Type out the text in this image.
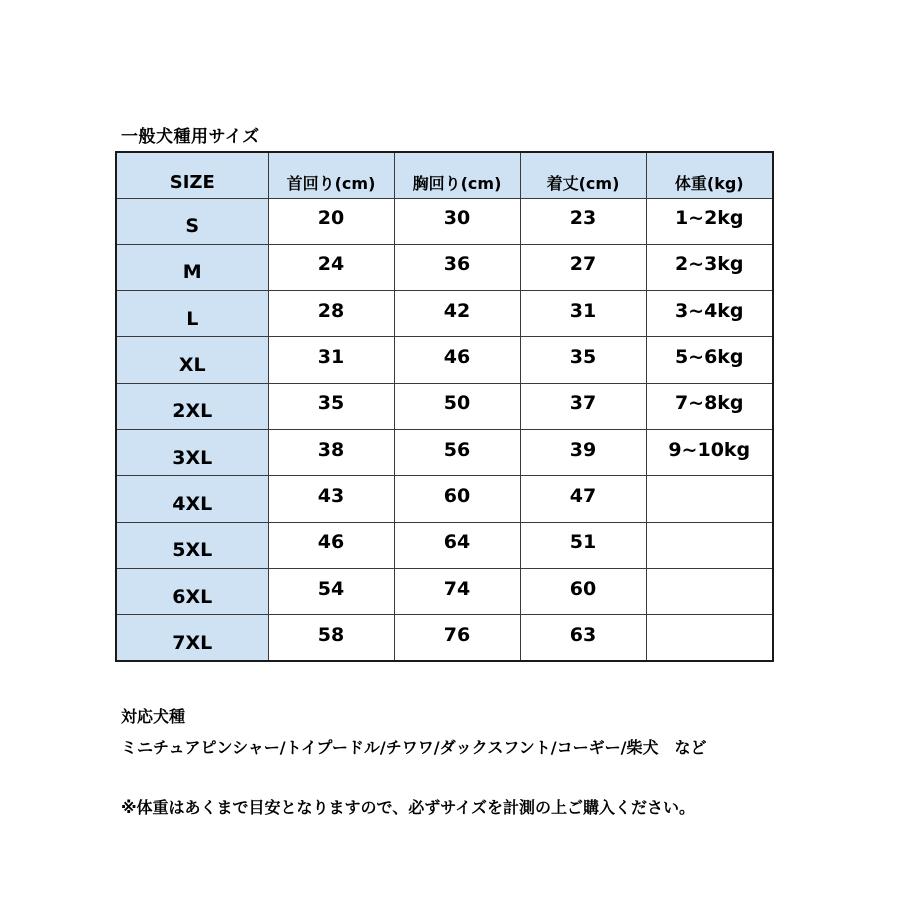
一般犬種用サイズ
SIZE	首回り(cm)	胸回り(cm)	着丈(cm)	体重(kg)
S	20	30	23	1~2kg
M	24	36	27	2~3kg
L	28	42	31	3~4kg
XL	31	46	35	5~6kg
2XL	35	50	37	7~8kg
3XL	38	56	39	9~10kg
4XL	43	60	47	
5XL	46	64	51	
6XL	54	74	60	
7XL	58	76	63	
対応犬種
ミニチュアピンシャー/トイプードル/チワワ/ダックスフント/コーギー/柴犬　など
※体重はあくまで目安となりますので、必ずサイズを計測の上ご購入ください。
